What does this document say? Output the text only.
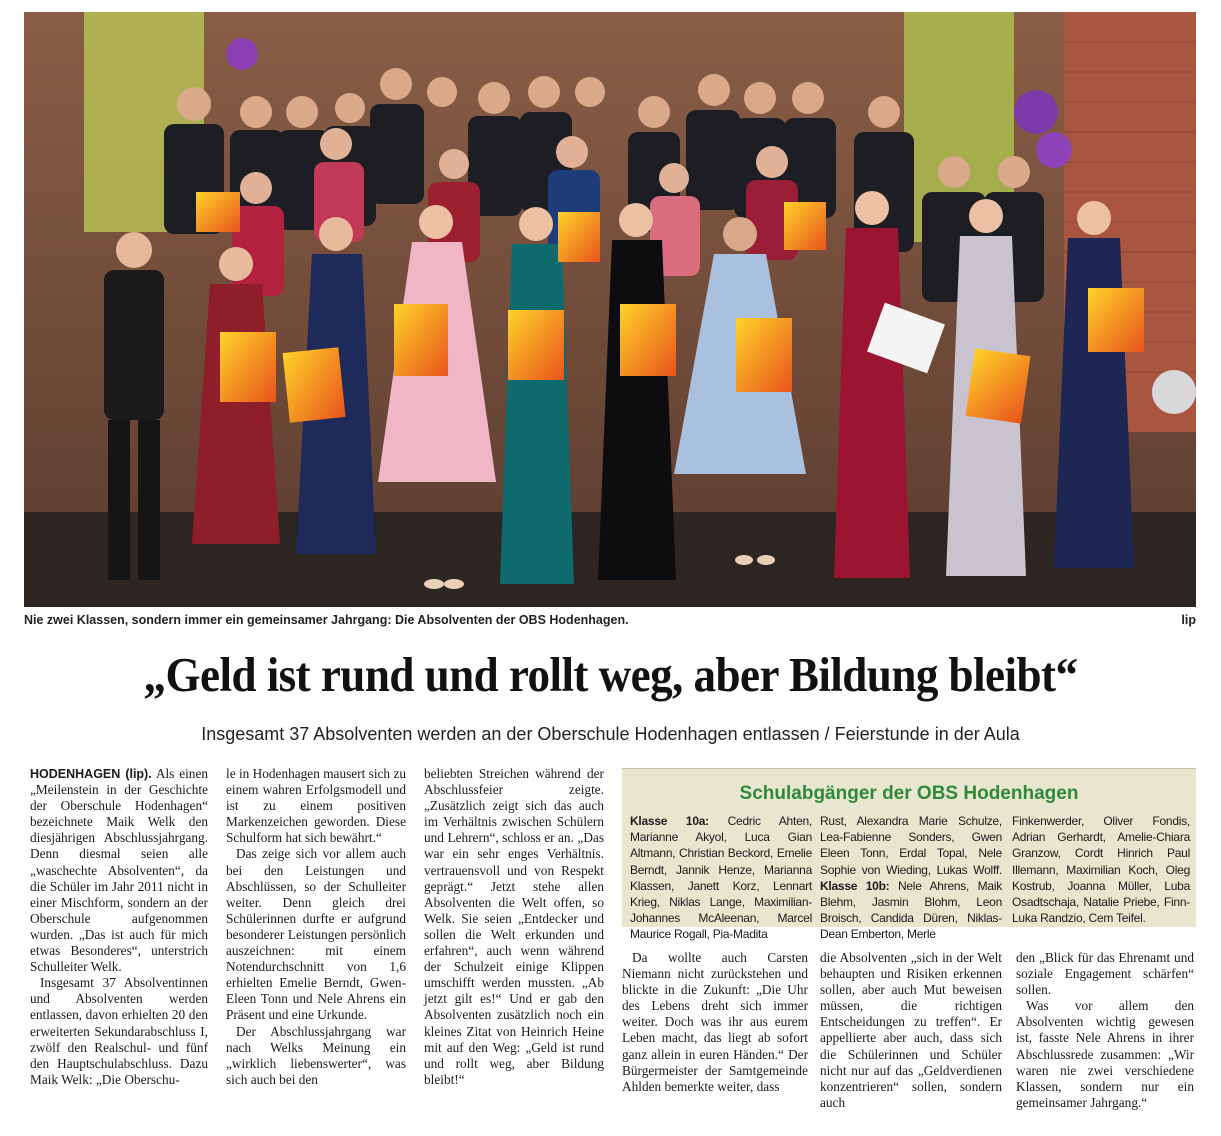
Nie zwei Klassen, sondern immer ein gemeinsamer Jahrgang: Die Absolventen der OBS Hodenhagen.	lip
„Geld ist rund und rollt weg, aber Bildung bleibt“
Insgesamt 37 Absolventen werden an der Oberschule Hodenhagen entlassen / Feierstunde in der Aula

HODENHAGEN (lip). Als einen „Meilenstein in der Geschichte der Oberschule Hodenhagen“ bezeichnete Maik Welk den diesjährigen Abschlussjahrgang. Denn diesmal seien alle „waschechte Absolventen“, da die Schüler im Jahr 2011 nicht in einer Mischform, sondern an der Oberschule aufgenommen wurden. „Das ist auch für mich etwas Besonderes“, unterstrich Schulleiter Welk.

Insgesamt 37 Absolventinnen und Absolventen werden entlassen, davon erhielten 20 den erweiterten Sekundarabschluss I, zwölf den Realschul- und fünf den Hauptschulabschluss. Dazu Maik Welk: „Die Oberschu-

le in Hodenhagen mausert sich zu einem wahren Erfolgsmodell und ist zu einem positiven Markenzeichen geworden. Diese Schulform hat sich bewährt.“

Das zeige sich vor allem auch bei den Leistungen und Abschlüssen, so der Schulleiter weiter. Denn gleich drei Schülerinnen durfte er aufgrund besonderer Leistungen persönlich auszeichnen: mit einem Notendurchschnitt von 1,6 erhielten Emelie Berndt, Gwen-Eleen Tonn und Nele Ahrens ein Präsent und eine Urkunde.

Der Abschlussjahrgang war nach Welks Meinung ein „wirklich liebenswerter“, was sich auch bei den

beliebten Streichen während der Abschlussfeier zeigte. „Zusätzlich zeigt sich das auch im Verhältnis zwischen Schülern und Lehrern“, schloss er an. „Das war ein sehr enges Verhältnis. vertrauensvoll und von Respekt geprägt.“ Jetzt stehe allen Absolventen die Welt offen, so Welk. Sie seien „Entdecker und sollen die Welt erkunden und erfahren“, auch wenn während der Schulzeit einige Klippen umschifft werden mussten. „Ab jetzt gilt es!“ Und er gab den Absolventen zusätzlich noch ein kleines Zitat von Heinrich Heine mit auf den Weg: „Geld ist rund und rollt weg, aber Bildung bleibt!“

Schulabgänger der OBS Hodenhagen
Klasse 10a: Cedric Ahten, Marianne Akyol, Luca Gian Altmann, Christian Beckord, Emelie Berndt, Jannik Henze, Marianna Klassen, Janett Korz, Lennart Krieg, Niklas Lange, Maximilian-Johannes McAleenan, Marcel Maurice Rogall, Pia-Madita
Rust, Alexandra Marie Schulze, Lea-Fabienne Sonders, Gwen Eleen Tonn, Erdal Topal, Nele Sophie von Wieding, Lukas Wolff. Klasse 10b: Nele Ahrens, Maik Blehm, Jasmin Blohm, Leon Broisch, Candida Düren, Niklas-Dean Emberton, Merle
Finkenwerder, Oliver Fondis, Adrian Gerhardt, Amelie-Chiara Granzow, Cordt Hinrich Paul Illemann, Maximilian Koch, Oleg Kostrub, Joanna Müller, Luba Osadtschaja, Natalie Priebe, Finn-Luka Randzio, Cem Teifel.

Da wollte auch Carsten Niemann nicht zurückstehen und blickte in die Zukunft: „Die Uhr des Lebens dreht sich immer weiter. Doch was ihr aus eurem Leben macht, das liegt ab sofort ganz allein in euren Händen.“ Der Bürgermeister der Samtgemeinde Ahlden bemerkte weiter, dass

die Absolventen „sich in der Welt behaupten und Risiken erkennen sollen, aber auch Mut beweisen müssen, die richtigen Entscheidungen zu treffen“. Er appellierte aber auch, dass sich die Schülerinnen und Schüler nicht nur auf das „Geldverdienen konzentrieren“ sollen, sondern auch

den „Blick für das Ehrenamt und soziale Engagement schärfen“ sollen.

Was vor allem den Absolventen wichtig gewesen ist, fasste Nele Ahrens in ihrer Abschlussrede zusammen: „Wir waren nie zwei verschiedene Klassen, sondern nur ein gemeinsamer Jahrgang.“
